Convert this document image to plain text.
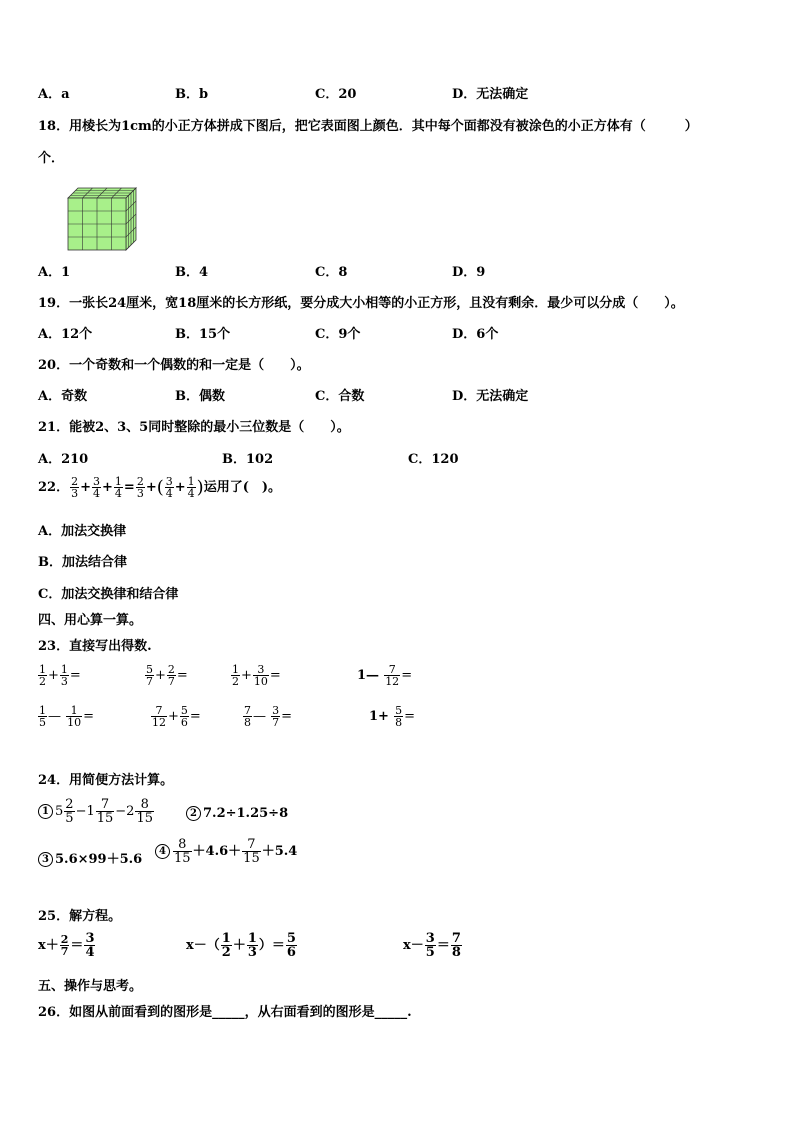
A．a	B．b	C．20	D．无法确定
18．用棱长为1cm的小正方体拼成下图后，把它表面图上颜色．其中每个面都没有被涂色的小正方体有（　　　）
个．
A．1	B．4	C．8	D．9
19．一张长24厘米，宽18厘米的长方形纸，要分成大小相等的小正方形，且没有剩余．最少可以分成（　　）。
A．12个	B．15个	C．9个	D．6个
20．一个奇数和一个偶数的和一定是（　　）。
A．奇数	B．偶数	C．合数	D．无法确定
21．能被2、3、5同时整除的最小三位数是（　　）。
A．210	B．102	C．120
22． $\frac{2}{3} + \frac{3}{4} + \frac{1}{4} = \frac{2}{3}$ +( $\frac{3}{4} + \frac{1}{4}$ )运用了(　)。
A．加法交换律
B．加法结合律
C．加法交换律和结合律
四、用心算一算。
23．直接写出得数.
$\frac{1}{2} + \frac{1}{3}$ =	$\frac{5}{7} + \frac{2}{7}$ =	$\frac{1}{2} + \frac{3}{10}$ =	1— $\frac{7}{12}$ =
$\frac{1}{5}$ — $\frac{1}{10}$ =	$\frac{7}{12} + \frac{5}{6}$ =	$\frac{7}{8}$ — $\frac{3}{7}$ =	$1+ \frac{5}{8}$ =
24．用简便方法计算。
1 $5 \frac{2}{5} -1 \frac{7}{15} -2 \frac{8}{15}$	2 7.2÷1.25÷8
3 5.6×99＋5.6
$4 \frac{8}{15} +4.6+ \frac{7}{15} +5.4$
25．解方程。
$x+ \frac{2}{7} = \frac{3}{4}$	$x-( \frac{1}{2} + \frac{1}{3}$ ）＝ $\frac{5}{6}$	$x- \frac{3}{5} = \frac{7}{8}$
五、操作与思考。
26．如图从前面看到的图形是_____，从右面看到的图形是_____.
